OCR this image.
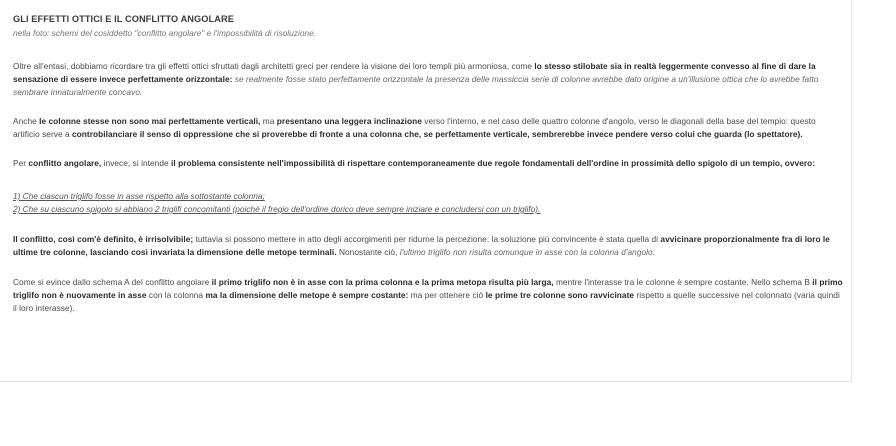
GLI EFFETTI OTTICI E IL CONFLITTO ANGOLARE

nella foto: schemi del cosiddetto "conflitto angolare" e l'impossibilità di risoluzione.

Oltre all'entasi, dobbiamo ricordare tra gli effetti ottici sfruttati dagli architetti greci per rendere la visione dei loro templi più armoniosa, come lo stesso stilobate sia in realtà leggermente convesso al fine di dare la sensazione di essere invece perfettamente orizzontale: se realmente fosse stato perfettamente orizzontale la presenza delle massiccia serie di colonne avrebbe dato origine a un'illusione ottica che lo avrebbe fatto sembrare innaturalmente concavo.

Anche le colonne stesse non sono mai perfettamente verticali, ma presentano una leggera inclinazione verso l'interno, e nel caso delle quattro colonne d'angolo, verso le diagonali della base del tempio: questo artificio serve a controbilanciare il senso di oppressione che si proverebbe di fronte a una colonna che, se perfettamente verticale, sembrerebbe invece pendere verso colui che guarda (lo spettatore).

Per conflitto angolare, invece, si intende il problema consistente nell'impossibilità di rispettare contemporaneamente due regole fondamentali dell'ordine in prossimità dello spigolo di un tempio, ovvero:

1) Che ciascun triglifo fosse in asse rispetto alla sottostante colonna;

2) Che su ciascuno spigolo si abbiano 2 triglifi concomitanti (poiché il fregio dell'ordine dorico deve sempre iniziare e concludersi con un triglifo).

Il conflitto, così com'è definito, è irrisolvibile; tuttavia si possono mettere in atto degli accorgimenti per ridurne la percezione: la soluzione più convincente è stata quella di avvicinare proporzionalmente fra di loro le ultime tre colonne, lasciando così invariata la dimensione delle metope terminali. Nonostante ciò, l'ultimo triglifo non risulta comunque in asse con la colonna d'angolo.

Come si evince dallo schema A del conflitto angolare il primo triglifo non è in asse con la prima colonna e la prima metopa risulta più larga, mentre l'interasse tra le colonne è sempre costante. Nello schema B il primo triglifo non è nuovamente in asse con la colonna ma la dimensione delle metope è sempre costante: ma per ottenere ciò le prime tre colonne sono ravvicinate rispetto a quelle successive nel colonnato (varia quindi il loro interasse).
